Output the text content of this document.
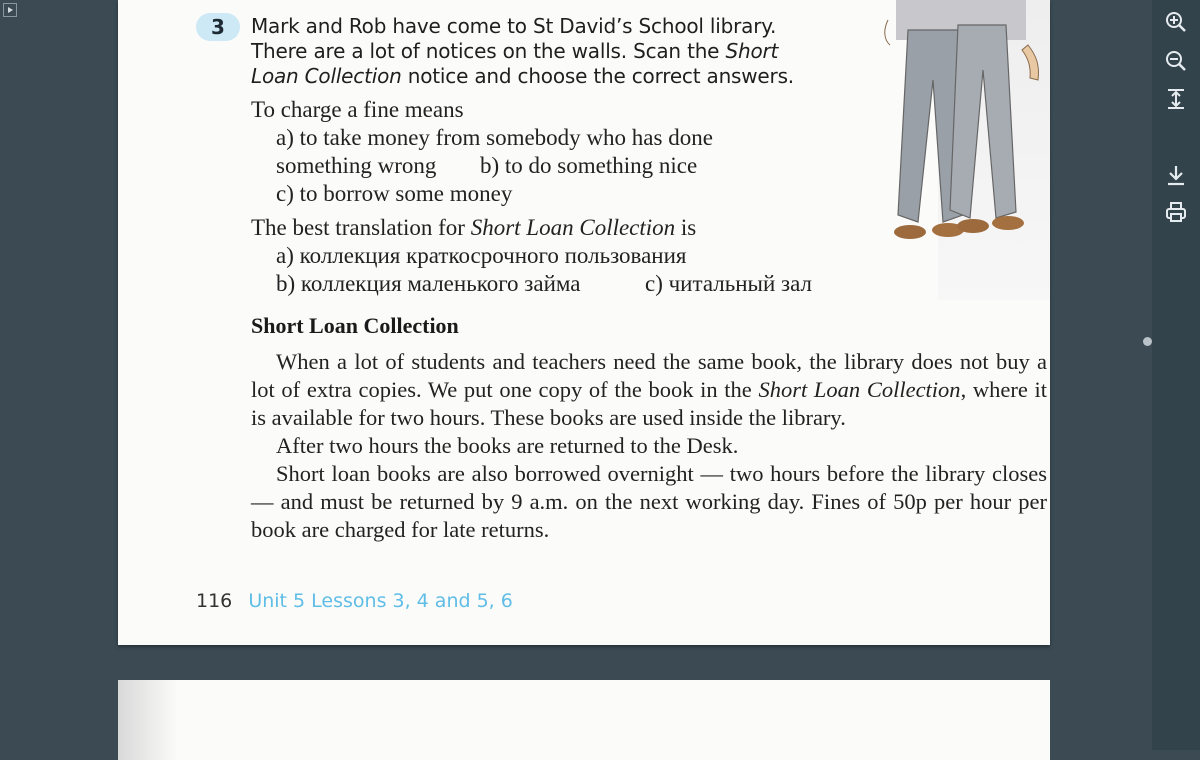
3	Mark and Rob have come to St David’s School library.
There are a lot of notices on the walls. Scan the Short
Loan Collection notice and choose the correct answers.
To charge a fine means
a) to take money from somebody who has done
something wrong b) to do something nice
c) to borrow some money
The best translation for Short Loan Collection is
a) коллекция краткосрочного пользования
b) коллекция маленького займа	c) читальный зал
Short Loan Collection

When a lot of students and teachers need the same book, the library does not buy a lot of extra copies. We put one copy of the book in the Short Loan Collection, where it is available for two hours. These books are used inside the library.

After two hours the books are returned to the Desk.

Short loan books are also borrowed overnight — two hours before the library closes — and must be returned by 9 a.m. on the next working day. Fines of 50p per hour per book are charged for late returns.

116 Unit 5 Lessons 3, 4 and 5, 6
